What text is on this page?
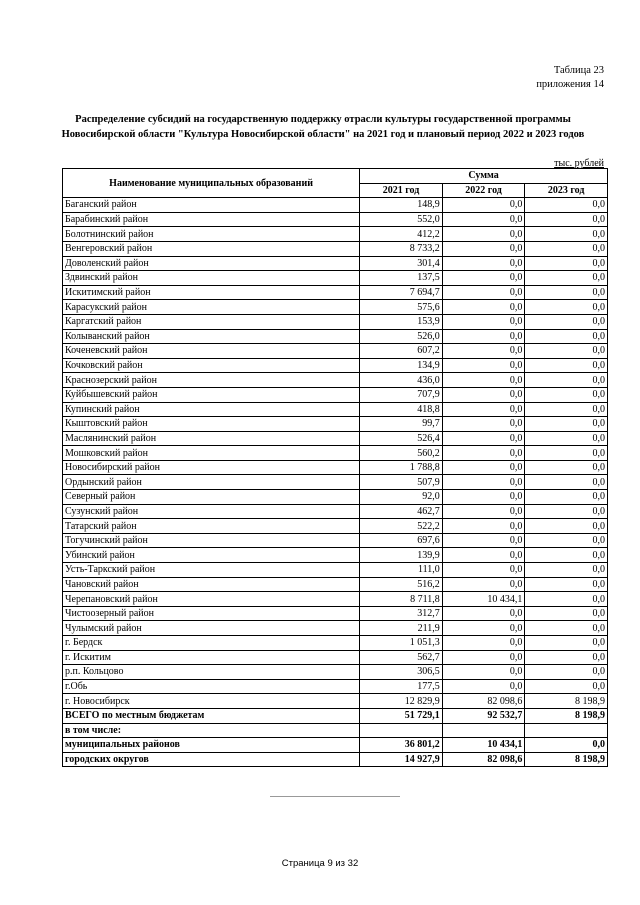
Таблица 23
приложения 14
Распределение субсидий на государственную поддержку отрасли культуры государственной программы
Новосибирской области "Культура Новосибирской области" на 2021 год и плановый период 2022 и 2023 годов
тыс. рублей
Наименование муниципальных образований	Сумма		
	2021 год	2022 год	2023 год
Баганский район	148,9	0,0	0,0
Барабинский район	552,0	0,0	0,0
Болотнинский район	412,2	0,0	0,0
Венгеровский район	8 733,2	0,0	0,0
Доволенский район	301,4	0,0	0,0
Здвинский район	137,5	0,0	0,0
Искитимский район	7 694,7	0,0	0,0
Карасукский район	575,6	0,0	0,0
Каргатский район	153,9	0,0	0,0
Колыванский район	526,0	0,0	0,0
Коченевский район	607,2	0,0	0,0
Кочковский район	134,9	0,0	0,0
Краснозерский район	436,0	0,0	0,0
Куйбышевский район	707,9	0,0	0,0
Купинский район	418,8	0,0	0,0
Кыштовский район	99,7	0,0	0,0
Маслянинский район	526,4	0,0	0,0
Мошковский район	560,2	0,0	0,0
Новосибирский район	1 788,8	0,0	0,0
Ордынский район	507,9	0,0	0,0
Северный район	92,0	0,0	0,0
Сузунский район	462,7	0,0	0,0
Татарский район	522,2	0,0	0,0
Тогучинский район	697,6	0,0	0,0
Убинский район	139,9	0,0	0,0
Усть-Таркский район	111,0	0,0	0,0
Чановский район	516,2	0,0	0,0
Черепановский район	8 711,8	10 434,1	0,0
Чистоозерный район	312,7	0,0	0,0
Чулымский район	211,9	0,0	0,0
г. Бердск	1 051,3	0,0	0,0
г. Искитим	562,7	0,0	0,0
р.п. Кольцово	306,5	0,0	0,0
г.Обь	177,5	0,0	0,0
г. Новосибирск	12 829,9	82 098,6	8 198,9
ВСЕГО по местным бюджетам	51 729,1	92 532,7	8 198,9
в том числе:			
муниципальных районов	36 801,2	10 434,1	0,0
городских округов	14 927,9	82 098,6	8 198,9
Страница 9 из 32
